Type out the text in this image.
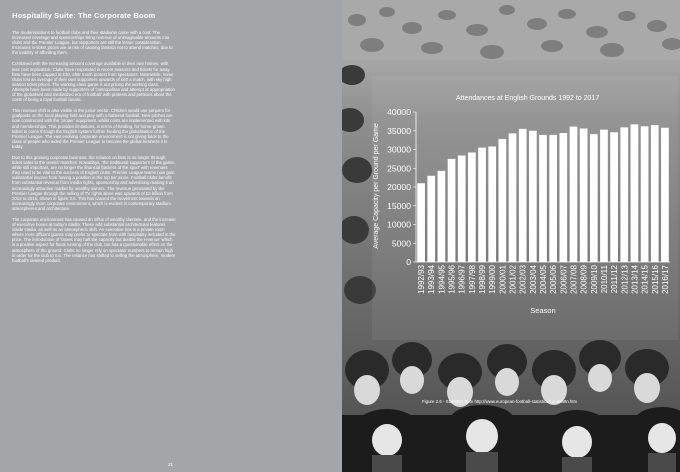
Hospitality Suite: The Corporate Boom

The modernisations to football clubs and their stadiums came with a cost. The increased coverage and sponsorships bring revenue of unimaginable amounts into clubs and the Premier League, but supporters are still the lesser consideration. Increases in ticket prices are at risk of causing fanatics not to attend matches, due to the inability of affording them.

Combined with the increasing amount coverage available in their own homes, with less cost implication. Clubs have responded in recent seasons and tickets for away fans have been capped at £30, after much protest from spectators. Meanwhile, some clubs lost an average of their own supporters upwards of £60 a match, with sky high season ticket prices. The working class game is out pricing the working class. Attempts have been made by supporters of ‘metropolitan and attempt at appropriation of the globalised and mediatized era of football’ with protests and petitions about the costs of being a loyal football fanatic.

This revenue shift is also visible in the junior sector. Children would use jumpers for goalposts on the local playing field and play with a battered football. New pitches are now constructed with the ‘proper’ equipment, whilst costs are implemented with kits and memberships. This provides limitations, in terms of funding, for home-grown talent to come through the English system further feeding the globalisation of the Premier League. The vast evolving corporate environment is not giving back to the class of people who aided the Premier League to become the global business it is today.

Due to this growing corporate business, the reliance on fans is no longer through ticket sales to the weeks’ matches. Nowadays, ‘the traditional supporters of the game, while still important, are no longer the financial backers of the sport’ with revenues they used to be vital to the success of English clubs. Premier League teams now gain substantial income from having a position in the top tier alone. Football clubs benefit from substantial revenue from media rights, sponsorship and advertising making it an increasingly attractive market for wealthy owners. The revenue generated by the Premier League through the selling of TV rights alone was upwards of £3 billion from 2013 to 2016, shown in figure 2.6. This has caused the movement towards an increasingly more corporate environment, which is evident in contemporary stadium atmospheres and architecture.

The corporate environment has caused an influx of wealthy clientele, and the increase of executive boxes at today’s stadia. These add substantial architectural features inside stadia, as well as an atmospheric shift. An executive box is a private room where more affluent guests may prefer to spectate from with hospitality included in the price. The introduction of ‘boxes may halt the capacity but double the revenue’ which is a positive aspect for fiscal running of the club, but has a questionable effect on the atmosphere of the ground. Clubs no longer rely on spectator numbers to remain high in order for the club to run. The reliance has shifted to selling the atmosphere, modern football’s desired product.

21
Attendances at English Grounds 1992 to 2017
0
5000
10000
15000
20000
25000
30000
35000
40000
1992/93 1993/94 1994/95 1995/96 1996/97 1997/98 1998/99 1999/00 2000/01 2001/02 2002/03 2003/04 2004/05 2005/06 2006/07 2007/08 2008/09 2009/10 2010/11 2011/12 2012/13 2013/14 2014/15 2015/16 2016/17
Season
Average Capacity per Ground per Game
Figure 2.6 - Statistics from http://www.european-football-statistics.co.uk/attn.htm
